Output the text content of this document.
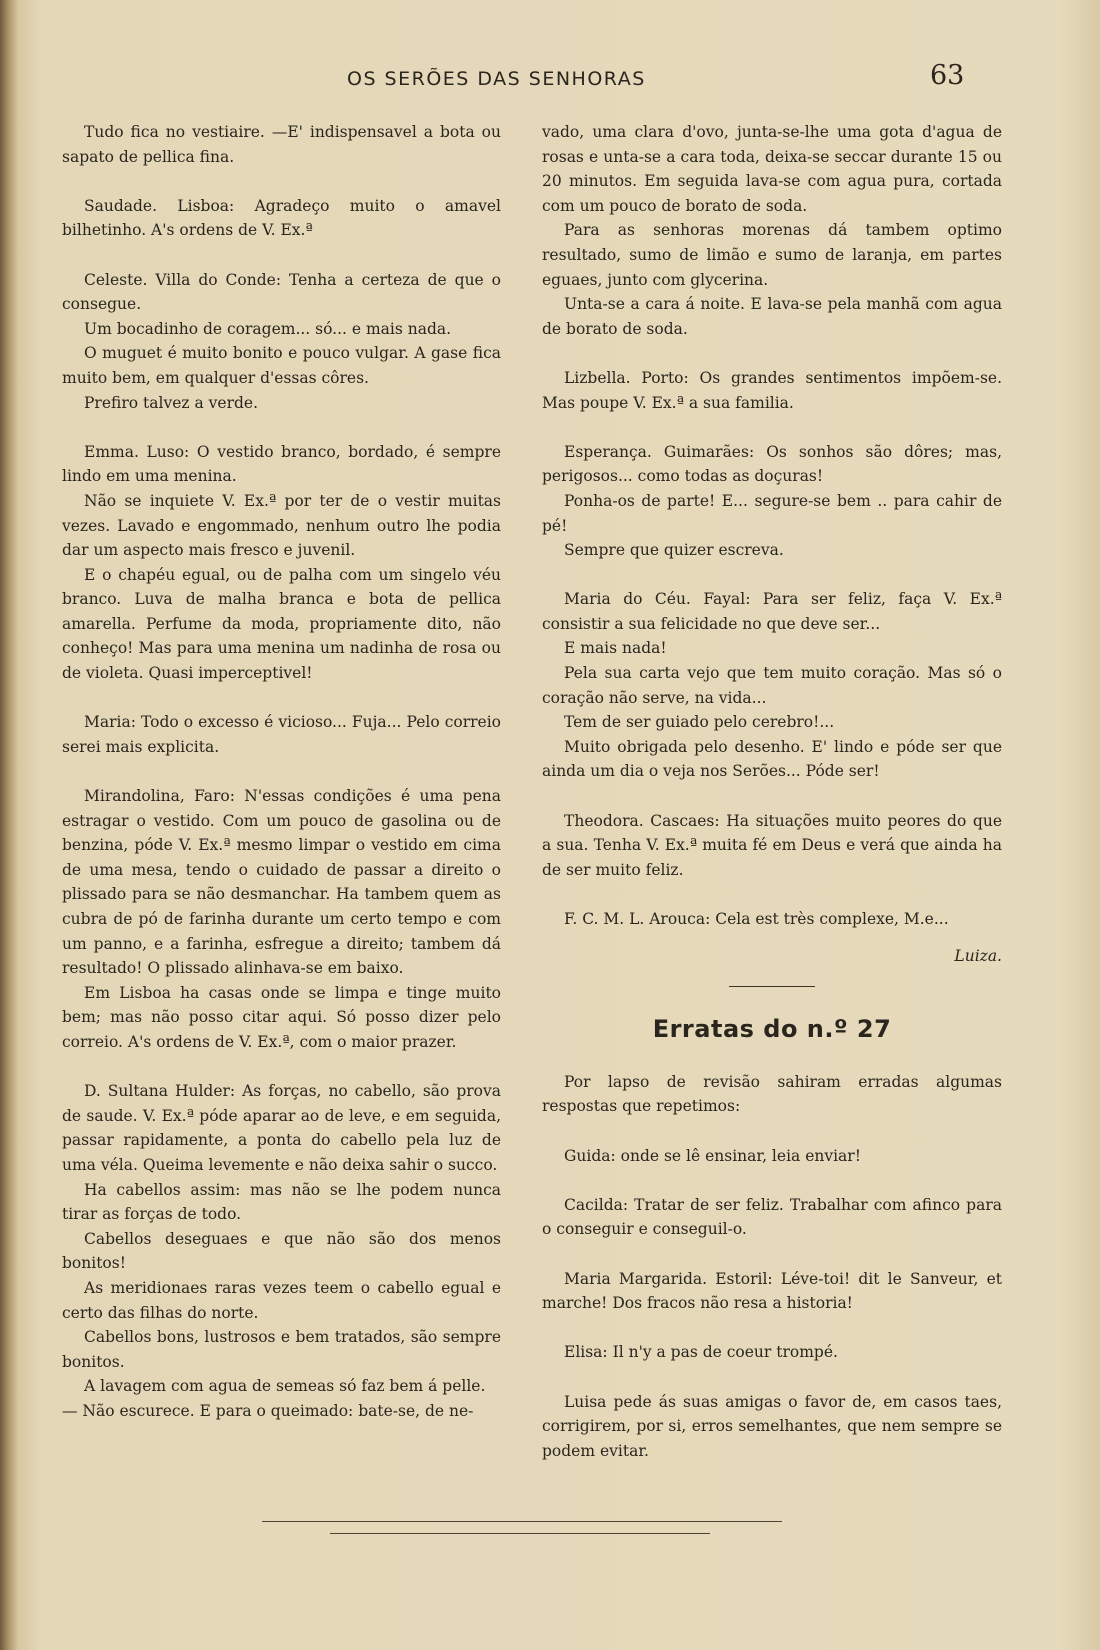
OS SERÕES DAS SENHORAS	63

Tudo fica no vestiaire. —E' indispensavel a bota ou sapato de pellica fina.

Saudade. Lisboa: Agradeço muito o amavel bilhetinho. A's ordens de V. Ex.ª

Celeste. Villa do Conde: Tenha a certeza de que o consegue.

Um bocadinho de coragem... só... e mais nada.

O muguet é muito bonito e pouco vulgar. A gase fica muito bem, em qualquer d'essas côres.

Prefiro talvez a verde.

Emma. Luso: O vestido branco, bordado, é sempre lindo em uma menina.

Não se inquiete V. Ex.ª por ter de o vestir muitas vezes. Lavado e engommado, nenhum outro lhe podia dar um aspecto mais fresco e juvenil.

E o chapéu egual, ou de palha com um singelo véu branco. Luva de malha branca e bota de pellica amarella. Perfume da moda, propriamente dito, não conheço! Mas para uma menina um nadinha de rosa ou de violeta. Quasi imperceptivel!

Maria: Todo o excesso é vicioso... Fuja... Pelo correio serei mais explicita.

Mirandolina, Faro: N'essas condições é uma pena estragar o vestido. Com um pouco de gasolina ou de benzina, póde V. Ex.ª mesmo limpar o vestido em cima de uma mesa, tendo o cuidado de passar a direito o plissado para se não desmanchar. Ha tambem quem as cubra de pó de farinha durante um certo tempo e com um panno, e a farinha, esfregue a direito; tambem dá resultado! O plissado alinhava-se em baixo.

Em Lisboa ha casas onde se limpa e tinge muito bem; mas não posso citar aqui. Só posso dizer pelo correio. A's ordens de V. Ex.ª, com o maior prazer.

D. Sultana Hulder: As forças, no cabello, são prova de saude. V. Ex.ª póde aparar ao de leve, e em seguida, passar rapidamente, a ponta do cabello pela luz de uma véla. Queima levemente e não deixa sahir o succo.

Ha cabellos assim: mas não se lhe podem nunca tirar as forças de todo.

Cabellos deseguaes e que não são dos menos bonitos!

As meridionaes raras vezes teem o cabello egual e certo das filhas do norte.

Cabellos bons, lustrosos e bem tratados, são sempre bonitos.

A lavagem com agua de semeas só faz bem á pelle.

— Não escurece. E para o queimado: bate-se, de ne-

vado, uma clara d'ovo, junta-se-lhe uma gota d'agua de rosas e unta-se a cara toda, deixa-se seccar durante 15 ou 20 minutos. Em seguida lava-se com agua pura, cortada com um pouco de borato de soda.

Para as senhoras morenas dá tambem optimo resultado, sumo de limão e sumo de laranja, em partes eguaes, junto com glycerina.

Unta-se a cara á noite. E lava-se pela manhã com agua de borato de soda.

Lizbella. Porto: Os grandes sentimentos impõem-se. Mas poupe V. Ex.ª a sua familia.

Esperança. Guimarães: Os sonhos são dôres; mas, perigosos... como todas as doçuras!

Ponha-os de parte! E... segure-se bem .. para cahir de pé!

Sempre que quizer escreva.

Maria do Céu. Fayal: Para ser feliz, faça V. Ex.ª consistir a sua felicidade no que deve ser...

E mais nada!

Pela sua carta vejo que tem muito coração. Mas só o coração não serve, na vida...

Tem de ser guiado pelo cerebro!...

Muito obrigada pelo desenho. E' lindo e póde ser que ainda um dia o veja nos Serões... Póde ser!

Theodora. Cascaes: Ha situações muito peores do que a sua. Tenha V. Ex.ª muita fé em Deus e verá que ainda ha de ser muito feliz.

F. C. M. L. Arouca: Cela est très complexe, M.e...

Luiza.

Erratas do n.º 27

Por lapso de revisão sahiram erradas algumas respostas que repetimos:

Guida: onde se lê ensinar, leia enviar!

Cacilda: Tratar de ser feliz. Trabalhar com afinco para o conseguir e conseguil-o.

Maria Margarida. Estoril: Léve-toi! dit le Sanveur, et marche! Dos fracos não resa a historia!

Elisa: Il n'y a pas de coeur trompé.

Luisa pede ás suas amigas o favor de, em casos taes, corrigirem, por si, erros semelhantes, que nem sempre se podem evitar.
